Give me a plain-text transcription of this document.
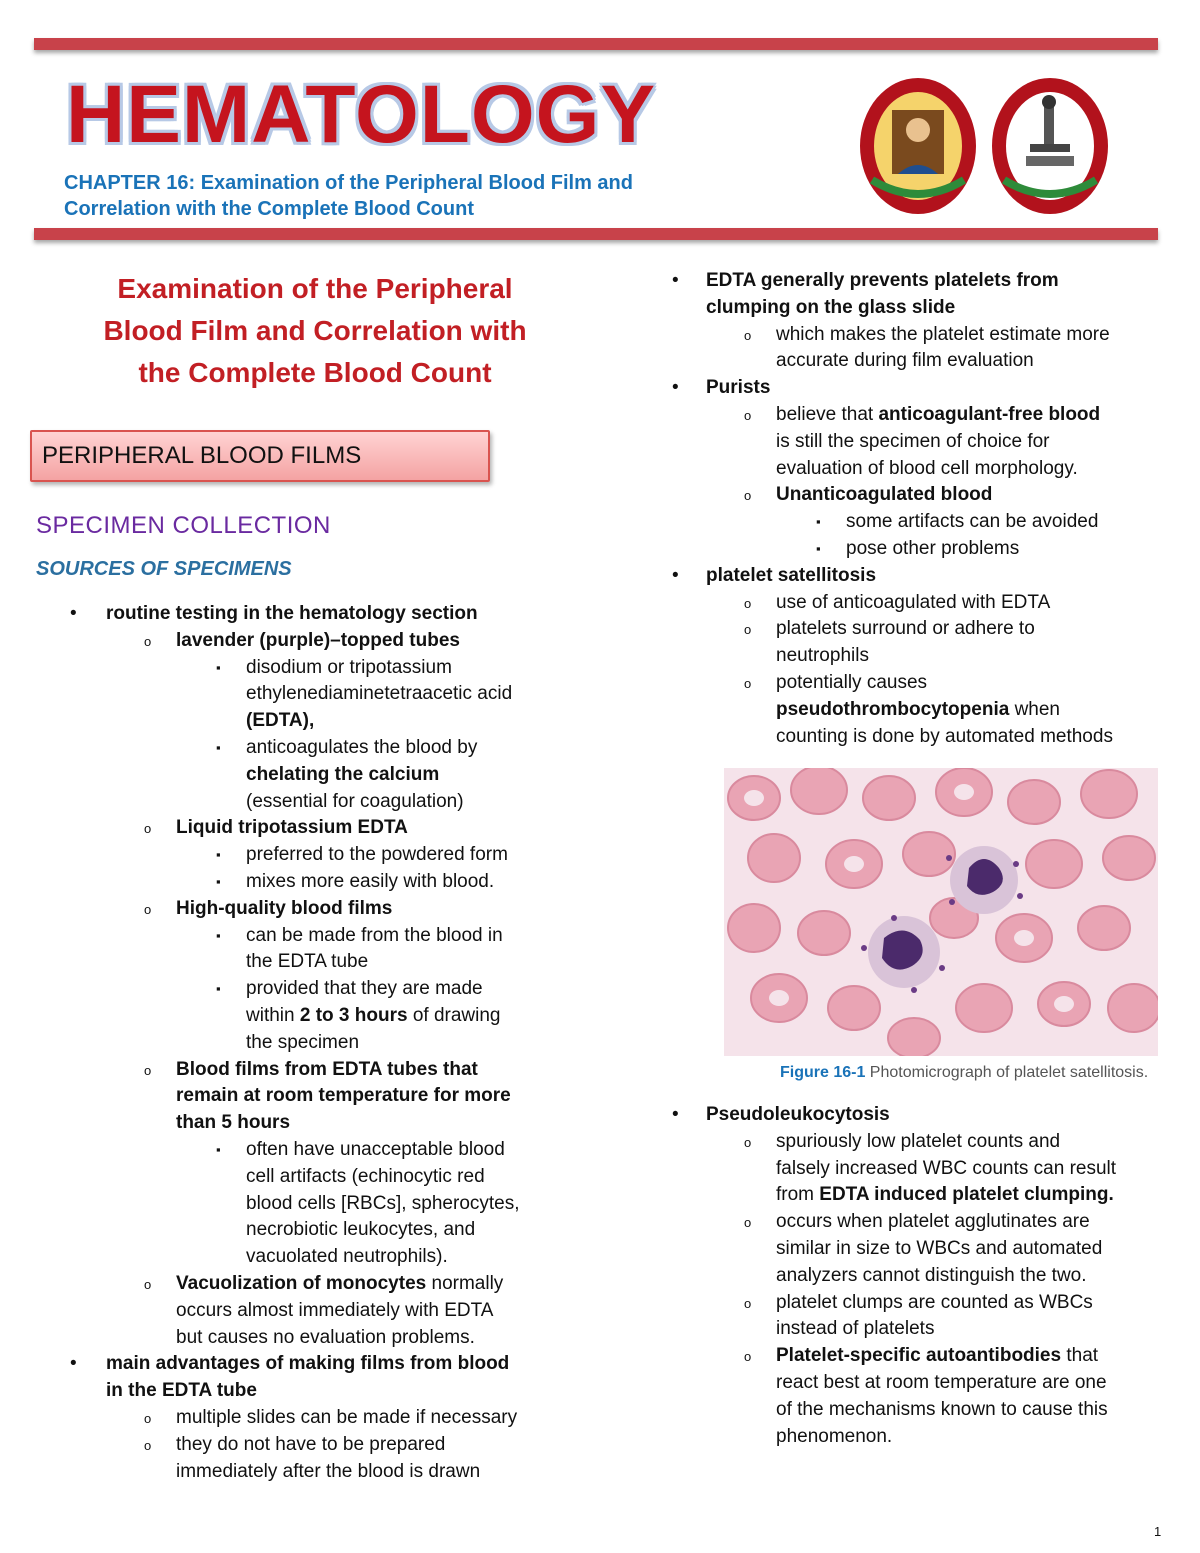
HEMATOLOGY
CHAPTER 16: Examination of the Peripheral Blood Film and
Correlation with the Complete Blood Count
Examination of the Peripheral
Blood Film and Correlation with
the Complete Blood Count
PERIPHERAL BLOOD FILMS
SPECIMEN COLLECTION
SOURCES OF SPECIMENS
• routine testing in the hematology section
o lavender (purple)–topped tubes
▪ disodium or tripotassium
ethylenediaminetetraacetic acid
(EDTA),
▪ anticoagulates the blood by
chelating the calcium
(essential for coagulation)
o Liquid tripotassium EDTA
▪ preferred to the powdered form
▪ mixes more easily with blood.
o High-quality blood films
▪ can be made from the blood in
the EDTA tube
▪ provided that they are made
within 2 to 3 hours of drawing
the specimen
o Blood films from EDTA tubes that
remain at room temperature for more
than 5 hours
▪ often have unacceptable blood
cell artifacts (echinocytic red
blood cells [RBCs], spherocytes,
necrobiotic leukocytes, and
vacuolated neutrophils).
o Vacuolization of monocytes normally
occurs almost immediately with EDTA
but causes no evaluation problems.
• main advantages of making films from blood
in the EDTA tube
o multiple slides can be made if necessary
o they do not have to be prepared
immediately after the blood is drawn
• EDTA generally prevents platelets from
clumping on the glass slide
o which makes the platelet estimate more
accurate during film evaluation
• Purists
o believe that anticoagulant-free blood
is still the specimen of choice for
evaluation of blood cell morphology.
o Unanticoagulated blood
▪ some artifacts can be avoided
▪ pose other problems
• platelet satellitosis
o use of anticoagulated with EDTA
o platelets surround or adhere to
neutrophils
o potentially causes
pseudothrombocytopenia when
counting is done by automated methods
• Pseudoleukocytosis
o spuriously low platelet counts and
falsely increased WBC counts can result
from EDTA induced platelet clumping.
o occurs when platelet agglutinates are
similar in size to WBCs and automated
analyzers cannot distinguish the two.
o platelet clumps are counted as WBCs
instead of platelets
o Platelet-specific autoantibodies that
react best at room temperature are one
of the mechanisms known to cause this
phenomenon.
Figure 16-1 Photomicrograph of platelet satellitosis.
1
